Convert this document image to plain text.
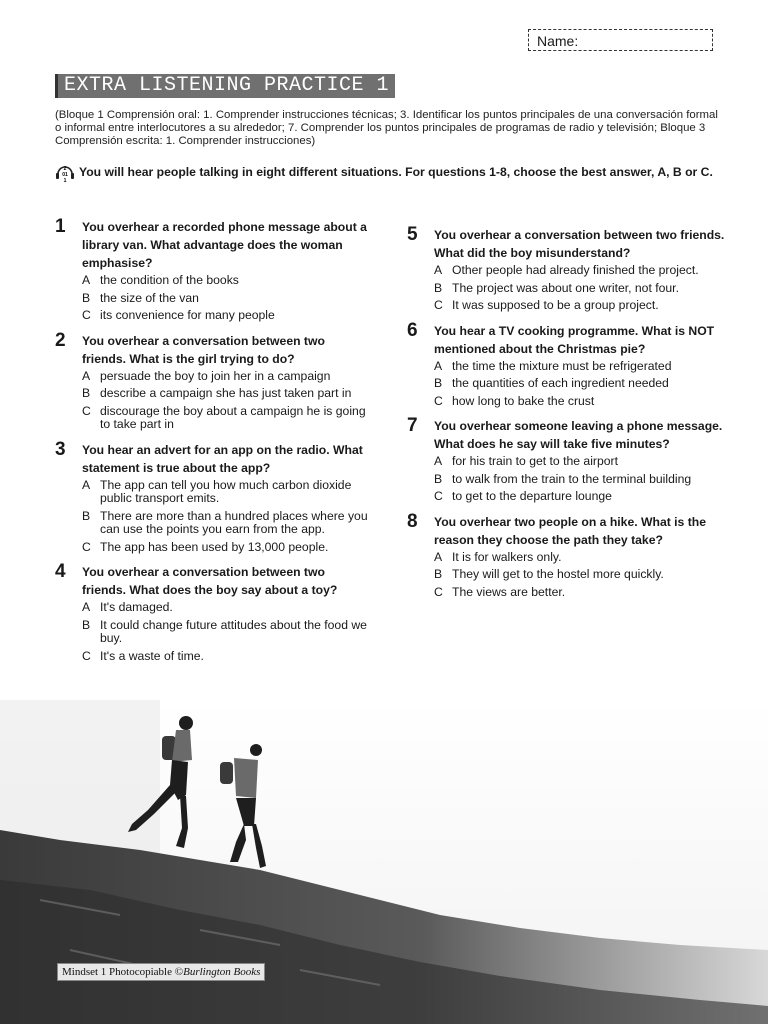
Name:
EXTRA LISTENING PRACTICE 1
(Bloque 1 Comprensión oral: 1. Comprender instrucciones técnicas; 3. Identificar los puntos principales de una conversación formal o informal entre interlocutores a su alrededor; 7. Comprender los puntos principales de programas de radio y televisión; Bloque 3 Comprensión escrita: 1. Comprender instrucciones)
2
01
1
You will hear people talking in eight different situations. For questions 1-8, choose the best answer, A, B or C.
1 You overhear a recorded phone message about a library van. What advantage does the woman emphasise?
A the condition of the books
B the size of the van
C its convenience for many people
2 You overhear a conversation between two friends. What is the girl trying to do?
A persuade the boy to join her in a campaign
B describe a campaign she has just taken part in
C discourage the boy about a campaign he is going to take part in
3 You hear an advert for an app on the radio. What statement is true about the app?
A The app can tell you how much carbon dioxide public transport emits.
B There are more than a hundred places where you can use the points you earn from the app.
C The app has been used by 13,000 people.
4 You overhear a conversation between two friends. What does the boy say about a toy?
A It's damaged.
B It could change future attitudes about the food we buy.
C It's a waste of time.
5 You overhear a conversation between two friends. What did the boy misunderstand?
A Other people had already finished the project.
B The project was about one writer, not four.
C It was supposed to be a group project.
6 You hear a TV cooking programme. What is NOT mentioned about the Christmas pie?
A the time the mixture must be refrigerated
B the quantities of each ingredient needed
C how long to bake the crust
7 You overhear someone leaving a phone message. What does he say will take five minutes?
A for his train to get to the airport
B to walk from the train to the terminal building
C to get to the departure lounge
8 You overhear two people on a hike. What is the reason they choose the path they take?
A It is for walkers only.
B They will get to the hostel more quickly.
C The views are better.
Mindset 1 Photocopiable ©Burlington Books
